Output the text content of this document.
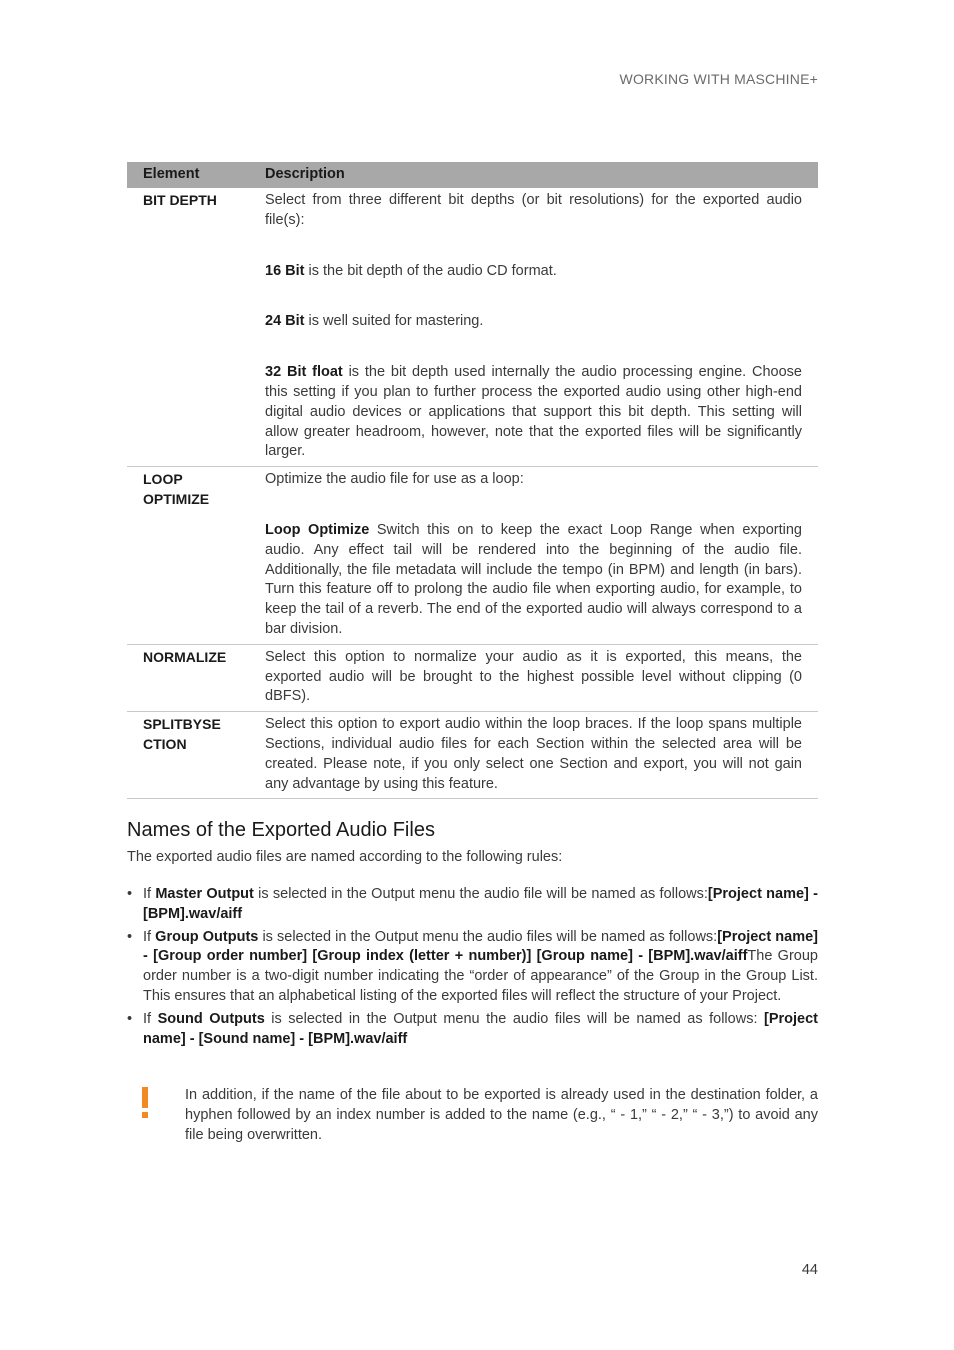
WORKING WITH MASCHINE+
Element	Description
BIT DEPTH	Select from three different bit depths (or bit resolutions) for the exported audio file(s):

16 Bit is the bit depth of the audio CD format.

24 Bit is well suited for mastering.

32 Bit float is the bit depth used internally the audio processing engine. Choose this setting if you plan to further process the exported audio using other high-end digital audio devices or applications that support this bit depth. This setting will allow greater headroom, however, note that the exported files will be significantly larger.

LOOP OPTIMIZE	Optimize the audio file for use as a loop:

Loop Optimize Switch this on to keep the exact Loop Range when exporting audio. Any effect tail will be rendered into the beginning of the audio file. Additionally, the file metadata will include the tempo (in BPM) and length (in bars). Turn this feature off to prolong the audio file when exporting audio, for example, to keep the tail of a reverb. The end of the exported audio will always correspond to a bar division.

NORMALIZE	Select this option to normalize your audio as it is exported, this means, the exported audio will be brought to the highest possible level without clipping (0 dBFS).

SPLITBYSE CTION	Select this option to export audio within the loop braces. If the loop spans multiple Sections, individual audio files for each Section within the selected area will be created. Please note, if you only select one Section and export, you will not gain any advantage by using this feature.

Names of the Exported Audio Files

The exported audio files are named according to the following rules:

• If Master Output is selected in the Output menu the audio file will be named as follows:[Project name] - [BPM].wav/aiff
• If Group Outputs is selected in the Output menu the audio files will be named as follows:[Project name] - [Group order number] [Group index (letter + number)] [Group name] - [BPM].wav/aiffThe Group order number is a two-digit number indicating the “order of appearance” of the Group in the Group List. This ensures that an alphabetical listing of the exported files will reflect the structure of your Project.
• If Sound Outputs is selected in the Output menu the audio files will be named as follows: [Project name] - [Sound name] - [BPM].wav/aiff

In addition, if the name of the file about to be exported is already used in the destination folder, a hyphen followed by an index number is added to the name (e.g., “ - 1,” “ - 2,” “ - 3,”) to avoid any file being overwritten.

44
